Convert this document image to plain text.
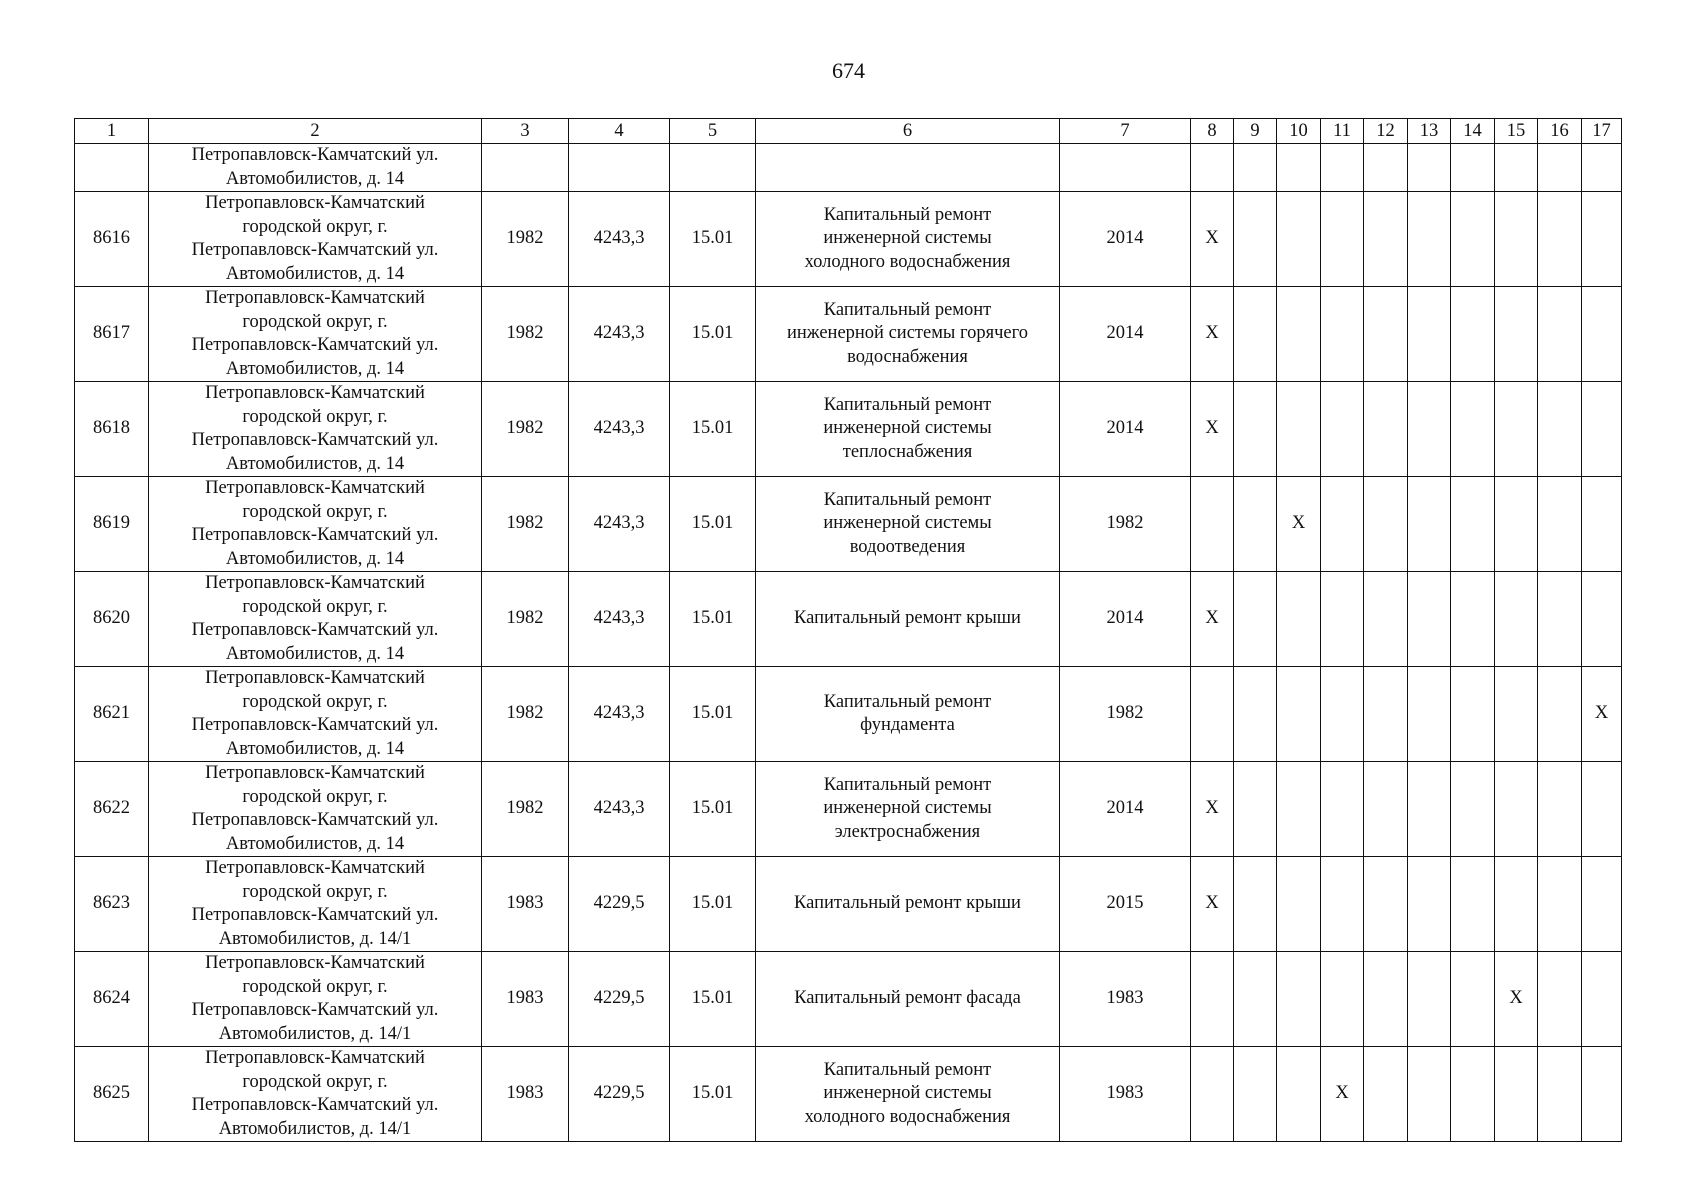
674
1	2	3	4	5	6	7	8	9	10	11	12	13	14	15	16	17
	Петропавловск-Камчатский ул.
Автомобилистов, д. 14															
8616	Петропавловск-Камчатский
городской округ, г.
Петропавловск-Камчатский ул.
Автомобилистов, д. 14	1982	4243,3	15.01	Капитальный ремонт
инженерной системы
холодного водоснабжения	2014	Х									
8617	Петропавловск-Камчатский
городской округ, г.
Петропавловск-Камчатский ул.
Автомобилистов, д. 14	1982	4243,3	15.01	Капитальный ремонт
инженерной системы горячего
водоснабжения	2014	Х									
8618	Петропавловск-Камчатский
городской округ, г.
Петропавловск-Камчатский ул.
Автомобилистов, д. 14	1982	4243,3	15.01	Капитальный ремонт
инженерной системы
теплоснабжения	2014	Х									
8619	Петропавловск-Камчатский
городской округ, г.
Петропавловск-Камчатский ул.
Автомобилистов, д. 14	1982	4243,3	15.01	Капитальный ремонт
инженерной системы
водоотведения	1982			Х							
8620	Петропавловск-Камчатский
городской округ, г.
Петропавловск-Камчатский ул.
Автомобилистов, д. 14	1982	4243,3	15.01	Капитальный ремонт крыши	2014	Х									
8621	Петропавловск-Камчатский
городской округ, г.
Петропавловск-Камчатский ул.
Автомобилистов, д. 14	1982	4243,3	15.01	Капитальный ремонт
фундамента	1982										Х
8622	Петропавловск-Камчатский
городской округ, г.
Петропавловск-Камчатский ул.
Автомобилистов, д. 14	1982	4243,3	15.01	Капитальный ремонт
инженерной системы
электроснабжения	2014	Х									
8623	Петропавловск-Камчатский
городской округ, г.
Петропавловск-Камчатский ул.
Автомобилистов, д. 14/1	1983	4229,5	15.01	Капитальный ремонт крыши	2015	Х									
8624	Петропавловск-Камчатский
городской округ, г.
Петропавловск-Камчатский ул.
Автомобилистов, д. 14/1	1983	4229,5	15.01	Капитальный ремонт фасада	1983								Х		
8625	Петропавловск-Камчатский
городской округ, г.
Петропавловск-Камчатский ул.
Автомобилистов, д. 14/1	1983	4229,5	15.01	Капитальный ремонт
инженерной системы
холодного водоснабжения	1983				Х						
